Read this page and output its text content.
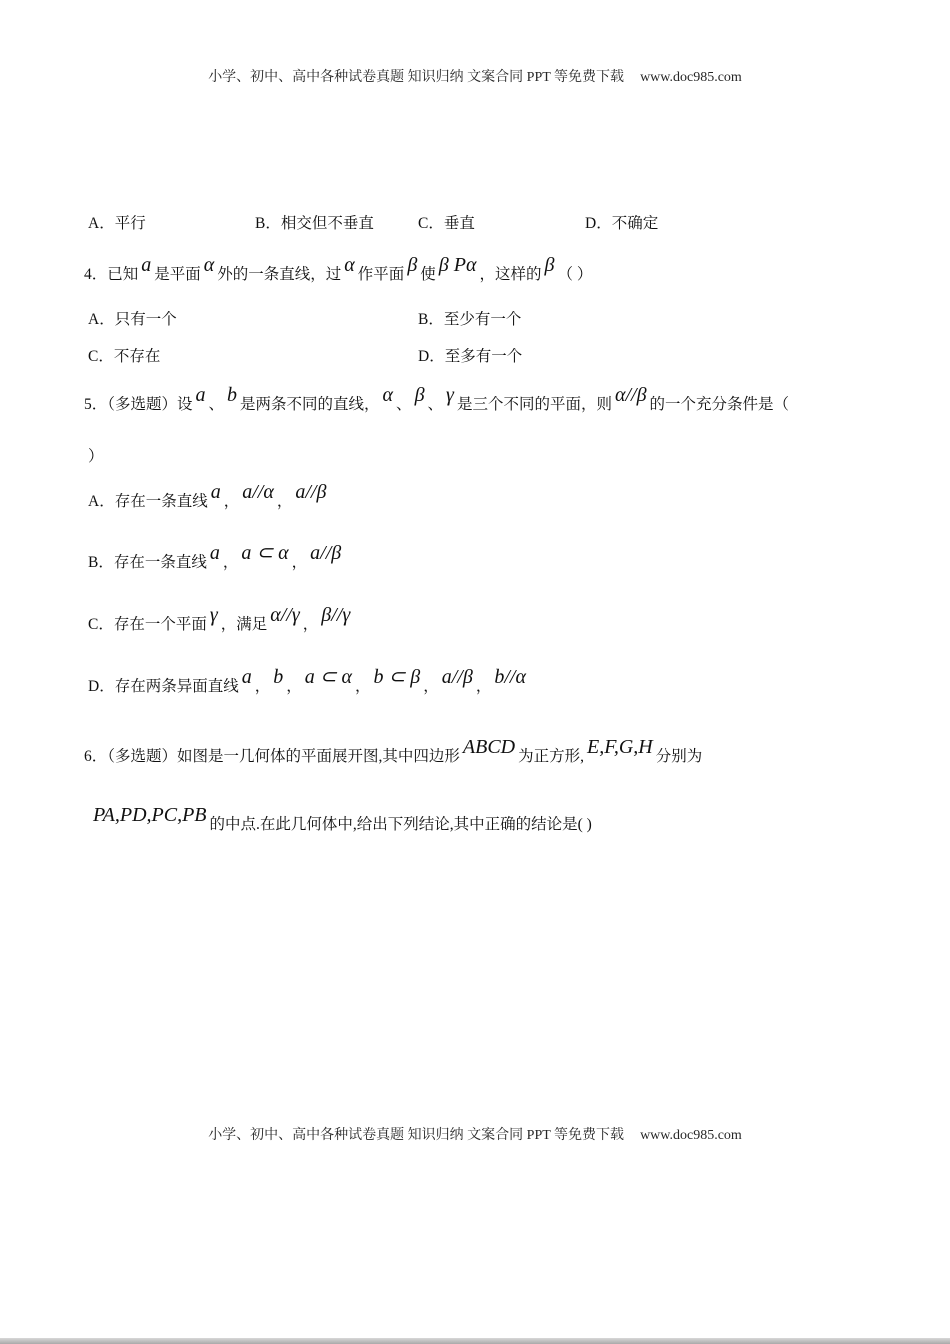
小学、初中、高中各种试卷真题 知识归纳 文案合同 PPT 等免费下载 www.doc985.com
A．平行	B．相交但不垂直	C．垂直	D．不确定
4．已知 a 是平面 α 外的一条直线，过 α 作平面 β 使 β Pα ，这样的 β （ ）
A．只有一个	B．至少有一个
C．不存在	D．至多有一个
5．（多选题）设 a 、 b 是两条不同的直线， α 、 β 、 γ 是三个不同的平面，则 α//β 的一个充分条件是（
）
A．存在一条直线 a ， a//α ， a//β
B．存在一条直线 a ， a ⊂ α ， a//β
C．存在一个平面 γ ，满足 α//γ ， β//γ
D．存在两条异面直线 a ， b ， a ⊂ α ， b ⊂ β ， a//β ， b//α
6．（多选题）如图是一几何体的平面展开图,其中四边形 ABCD 为正方形, E,F,G,H 分别为
PA,PD,PC,PB 的中点.在此几何体中,给出下列结论,其中正确的结论是( )
小学、初中、高中各种试卷真题 知识归纳 文案合同 PPT 等免费下载 www.doc985.com
